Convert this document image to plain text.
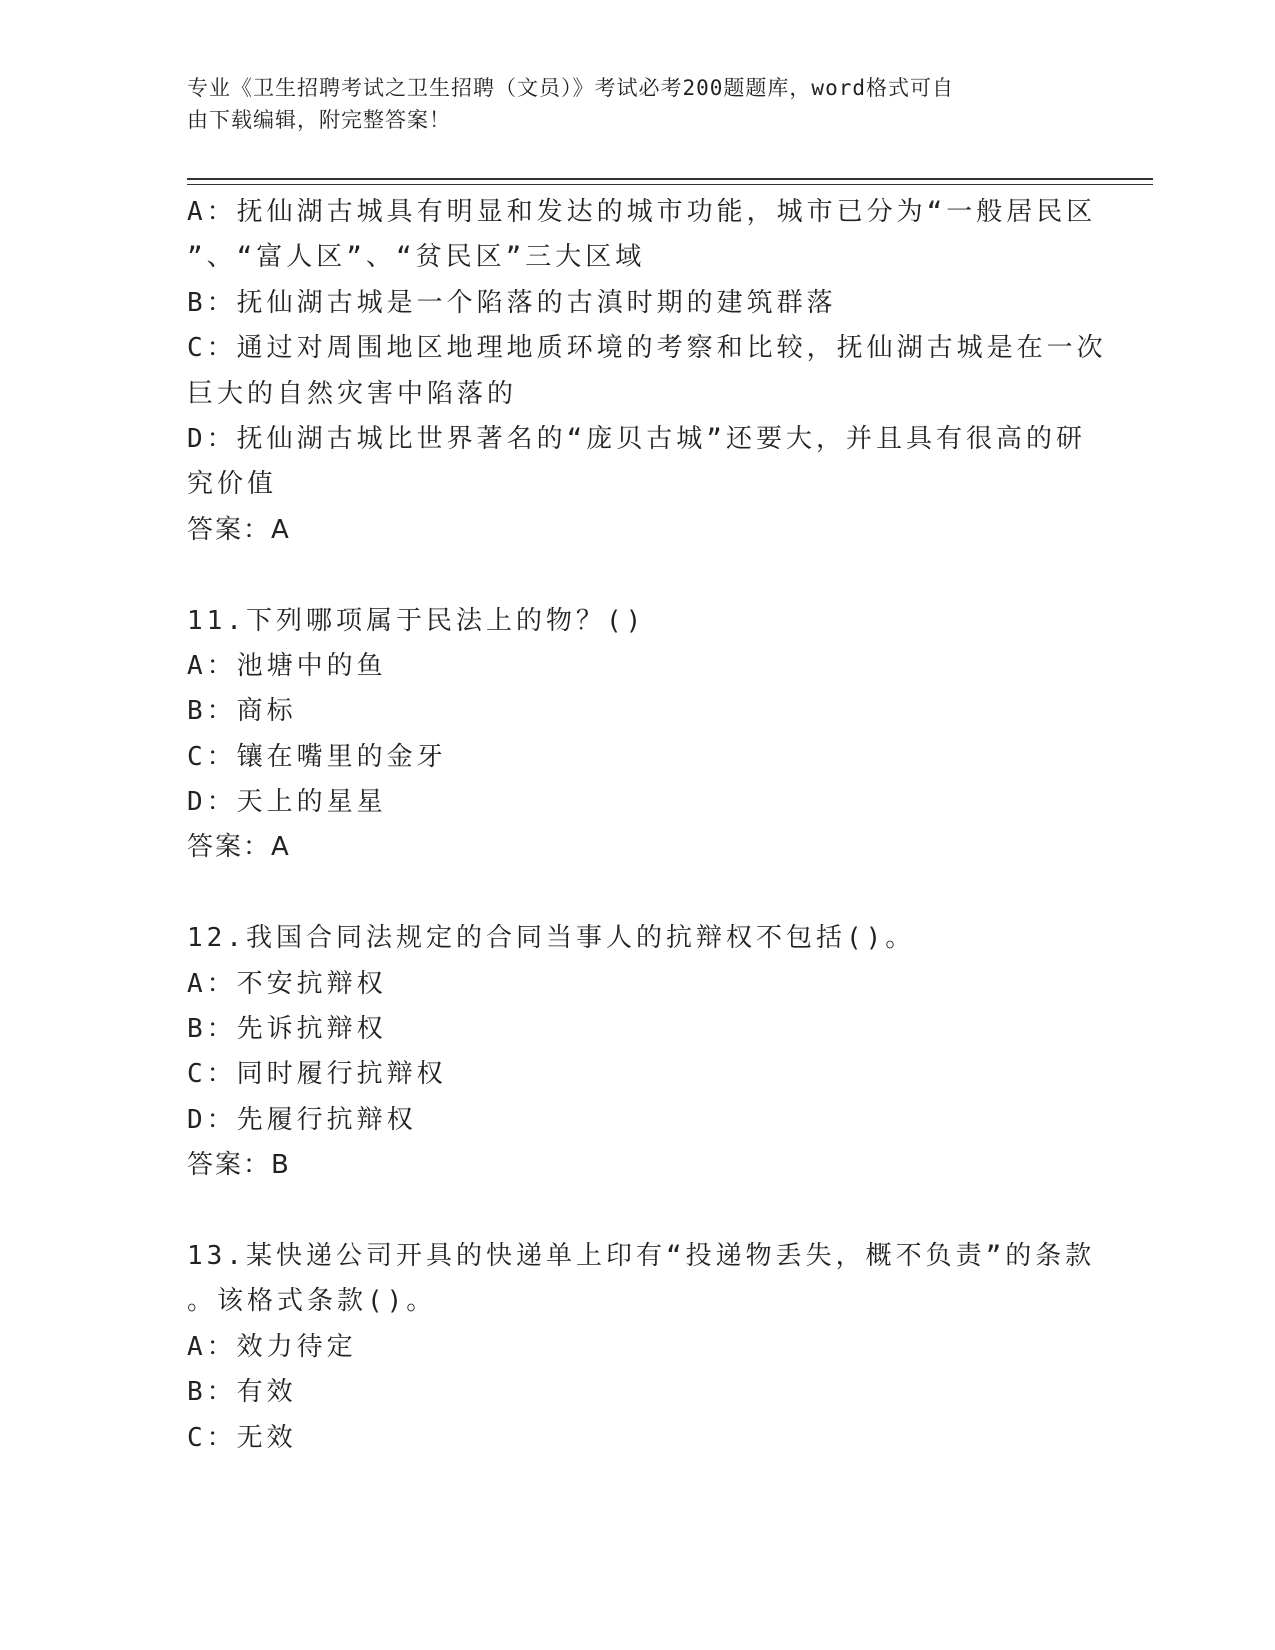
专业《卫生招聘考试之卫生招聘（文员）》考试必考200题题库，word格式可自
由下载编辑，附完整答案！
A：抚仙湖古城具有明显和发达的城市功能，城市已分为“一般居民区
”、“富人区”、“贫民区”三大区域
B：抚仙湖古城是一个陷落的古滇时期的建筑群落
C：通过对周围地区地理地质环境的考察和比较，抚仙湖古城是在一次
巨大的自然灾害中陷落的
D：抚仙湖古城比世界著名的“庞贝古城”还要大，并且具有很高的研
究价值
答案：A
11.下列哪项属于民法上的物？()
A：池塘中的鱼
B：商标
C：镶在嘴里的金牙
D：天上的星星
答案：A
12.我国合同法规定的合同当事人的抗辩权不包括()。
A：不安抗辩权
B：先诉抗辩权
C：同时履行抗辩权
D：先履行抗辩权
答案：B
13.某快递公司开具的快递单上印有“投递物丢失，概不负责”的条款
。该格式条款()。
A：效力待定
B：有效
C：无效
